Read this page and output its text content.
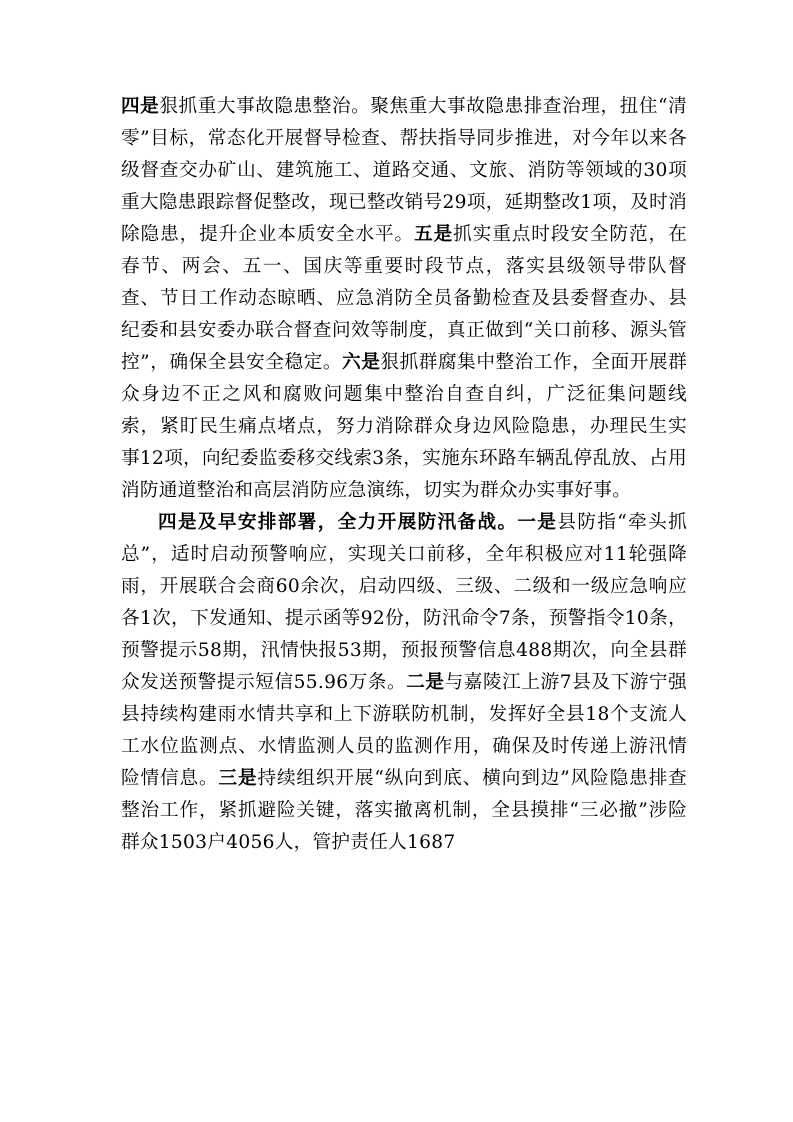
四是狠抓重大事故隐患整治。聚焦重大事故隐患排查治理，扭住“清零”目标，常态化开展督导检查、帮扶指导同步推进，对今年以来各级督查交办矿山、建筑施工、道路交通、文旅、消防等领域的30项重大隐患跟踪督促整改，现已整改销号29项，延期整改1项，及时消除隐患，提升企业本质安全水平。五是抓实重点时段安全防范，在春节、两会、五一、国庆等重要时段节点，落实县级领导带队督查、节日工作动态晾晒、应急消防全员备勤检查及县委督查办、县纪委和县安委办联合督查问效等制度，真正做到“关口前移、源头管控”，确保全县安全稳定。六是狠抓群腐集中整治工作，全面开展群众身边不正之风和腐败问题集中整治自查自纠，广泛征集问题线索，紧盯民生痛点堵点，努力消除群众身边风险隐患，办理民生实事12项，向纪委监委移交线索3条，实施东环路车辆乱停乱放、占用消防通道整治和高层消防应急演练，切实为群众办实事好事。

四是及早安排部署，全力开展防汛备战。一是县防指“牵头抓总”，适时启动预警响应，实现关口前移，全年积极应对11轮强降雨，开展联合会商60余次，启动四级、三级、二级和一级应急响应各1次，下发通知、提示函等92份，防汛命令7条，预警指令10条，预警提示58期，汛情快报53期，预报预警信息488期次，向全县群众发送预警提示短信55.96万条。二是与嘉陵江上游7县及下游宁强县持续构建雨水情共享和上下游联防机制，发挥好全县18个支流人工水位监测点、水情监测人员的监测作用，确保及时传递上游汛情险情信息。三是持续组织开展“纵向到底、横向到边”风险隐患排查整治工作，紧抓避险关键，落实撤离机制，全县摸排“三必撤”涉险群众1503户4056人，管护责任人1687
